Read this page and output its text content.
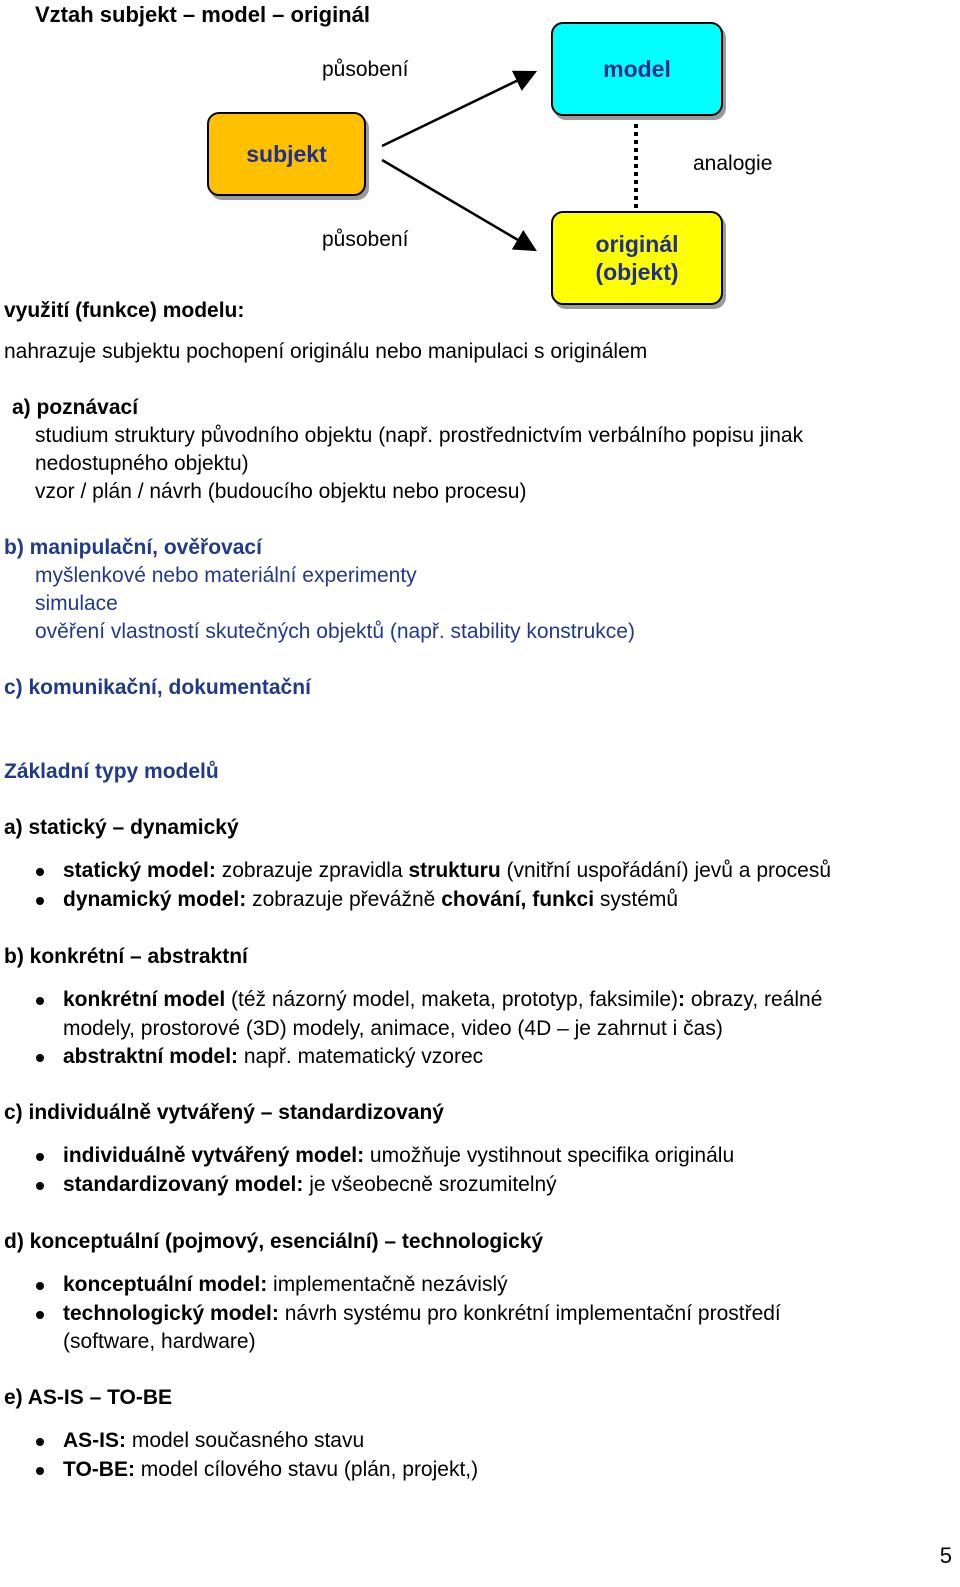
Vztah subjekt – model – originál
subjekt
model
originál
(objekt)
působení
působení
analogie
využití (funkce) modelu:
nahrazuje subjektu pochopení originálu nebo manipulaci s originálem
a) poznávací
studium struktury původního objektu (např. prostřednictvím verbálního popisu jinak
nedostupného objektu)
vzor / plán / návrh (budoucího objektu nebo procesu)
b) manipulační, ověřovací
myšlenkové nebo materiální experimenty
simulace
ověření vlastností skutečných objektů (např. stability konstrukce)
c) komunikační, dokumentační
Základní typy modelů
a) statický – dynamický
statický model: zobrazuje zpravidla strukturu (vnitřní uspořádání) jevů a procesů
dynamický model: zobrazuje převážně chování, funkci systémů
b) konkrétní – abstraktní
konkrétní model (též názorný model, maketa, prototyp, faksimile): obrazy, reálné
modely, prostorové (3D) modely, animace, video (4D – je zahrnut i čas)
abstraktní model: např. matematický vzorec
c) individuálně vytvářený – standardizovaný
individuálně vytvářený model: umožňuje vystihnout specifika originálu
standardizovaný model: je všeobecně srozumitelný
d) konceptuální (pojmový, esenciální) – technologický
konceptuální model: implementačně nezávislý
technologický model: návrh systému pro konkrétní implementační prostředí
(software, hardware)
e) AS-IS – TO-BE
AS-IS: model současného stavu
TO-BE: model cílového stavu (plán, projekt,)
5
